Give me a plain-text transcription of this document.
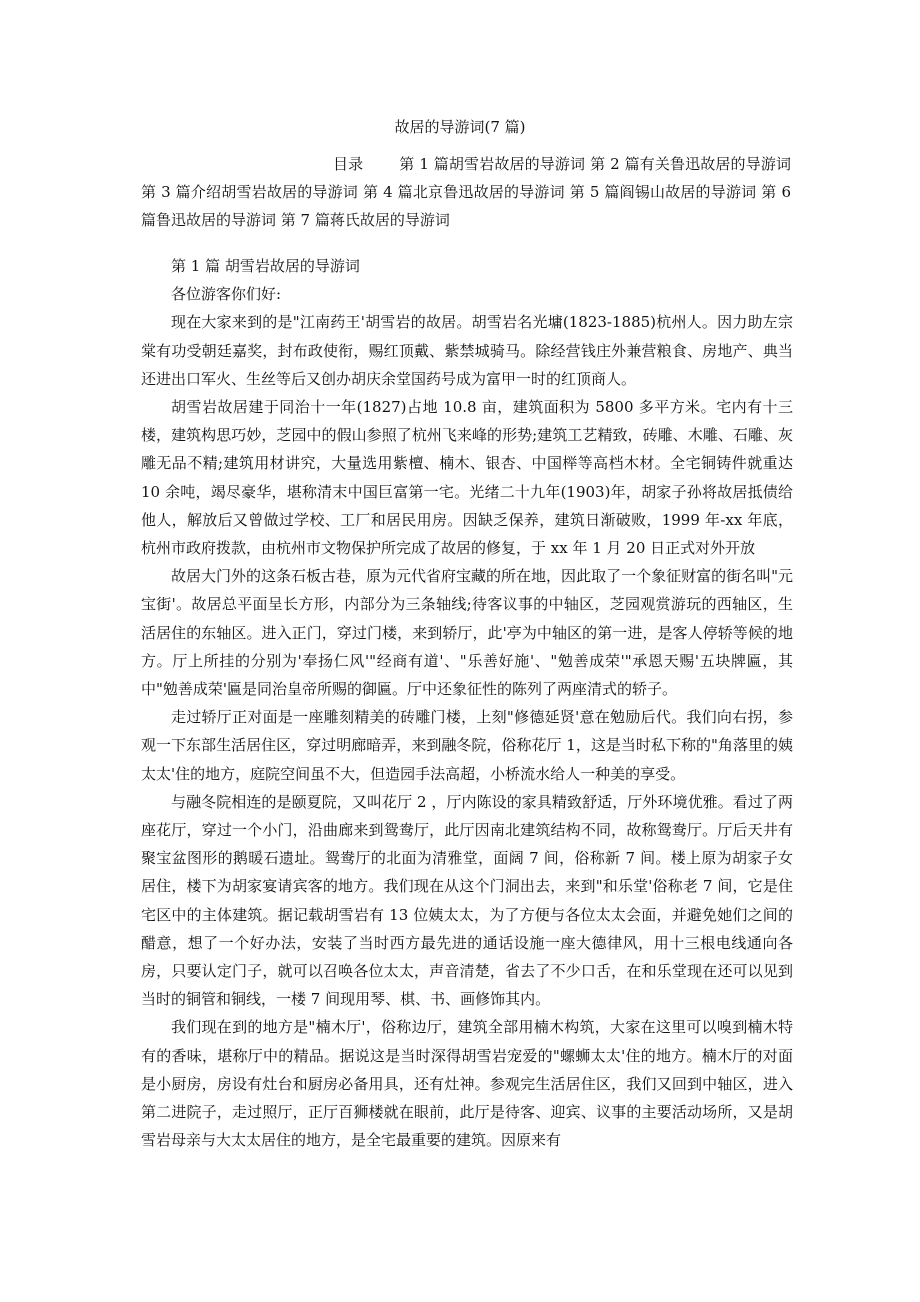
故居的导游词(7 篇)
目录 第 1 篇胡雪岩故居的导游词 第 2 篇有关鲁迅故居的导游词 第 3 篇介绍胡雪岩故居的导游词 第 4 篇北京鲁迅故居的导游词 第 5 篇阎锡山故居的导游词 第 6 篇鲁迅故居的导游词 第 7 篇蒋氏故居的导游词

第 1 篇 胡雪岩故居的导游词

各位游客你们好:

现在大家来到的是"江南药王'胡雪岩的故居。胡雪岩名光墉(1823-1885)杭州人。因力助左宗棠有功受朝廷嘉奖，封布政使衔，赐红顶戴、紫禁城骑马。除经营钱庄外兼营粮食、房地产、典当还进出口军火、生丝等后又创办胡庆余堂国药号成为富甲一时的红顶商人。

胡雪岩故居建于同治十一年(1827)占地 10.8 亩，建筑面积为 5800 多平方米。宅内有十三楼，建筑构思巧妙，芝园中的假山参照了杭州飞来峰的形势;建筑工艺精致，砖雕、木雕、石雕、灰雕无品不精;建筑用材讲究，大量选用紫檀、楠木、银杏、中国榉等高档木材。全宅铜铸件就重达 10 余吨，竭尽豪华，堪称清末中国巨富第一宅。光绪二十九年(1903)年，胡家子孙将故居抵债给他人，解放后又曾做过学校、工厂和居民用房。因缺乏保养，建筑日渐破败，1999 年-xx 年底，杭州市政府拨款，由杭州市文物保护所完成了故居的修复，于 xx 年 1 月 20 日正式对外开放

故居大门外的这条石板古巷，原为元代省府宝藏的所在地，因此取了一个象征财富的街名叫"元宝街'。故居总平面呈长方形，内部分为三条轴线;待客议事的中轴区，芝园观赏游玩的西轴区，生活居住的东轴区。进入正门，穿过门楼，来到轿厅，此'亭为中轴区的第一进，是客人停轿等候的地方。厅上所挂的分别为'奉扬仁风'"经商有道'、"乐善好施'、"勉善成荣'"承恩天赐'五块牌匾，其中"勉善成荣'匾是同治皇帝所赐的御匾。厅中还象征性的陈列了两座清式的轿子。

走过轿厅正对面是一座雕刻精美的砖雕门楼，上刻"修德延贤'意在勉励后代。我们向右拐，参观一下东部生活居住区，穿过明廊暗弄，来到融冬院，俗称花厅 1，这是当时私下称的"角落里的姨太太'住的地方，庭院空间虽不大，但造园手法高超，小桥流水给人一种美的享受。

与融冬院相连的是颐夏院，又叫花厅 2 ，厅内陈设的家具精致舒适，厅外环境优雅。看过了两座花厅，穿过一个小门，沿曲廊来到鸳鸯厅，此厅因南北建筑结构不同，故称鸳鸯厅。厅后天井有聚宝盆图形的鹅暖石遗址。鸳鸯厅的北面为清雅堂，面阔 7 间，俗称新 7 间。楼上原为胡家子女居住，楼下为胡家宴请宾客的地方。我们现在从这个门洞出去，来到"和乐堂'俗称老 7 间，它是住宅区中的主体建筑。据记载胡雪岩有 13 位姨太太，为了方便与各位太太会面，并避免她们之间的醋意，想了一个好办法，安装了当时西方最先进的通话设施一座大德律风，用十三根电线通向各房，只要认定门子，就可以召唤各位太太，声音清楚，省去了不少口舌，在和乐堂现在还可以见到当时的铜管和铜线，一楼 7 间现用琴、棋、书、画修饰其内。

我们现在到的地方是"楠木厅'，俗称边厅，建筑全部用楠木构筑，大家在这里可以嗅到楠木特有的香味，堪称厅中的精品。据说这是当时深得胡雪岩宠爱的"螺蛳太太'住的地方。楠木厅的对面是小厨房，房设有灶台和厨房必备用具，还有灶神。参观完生活居住区，我们又回到中轴区，进入第二进院子，走过照厅，正厅百狮楼就在眼前，此厅是待客、迎宾、议事的主要活动场所，又是胡雪岩母亲与大太太居住的地方，是全宅最重要的建筑。因原来有
